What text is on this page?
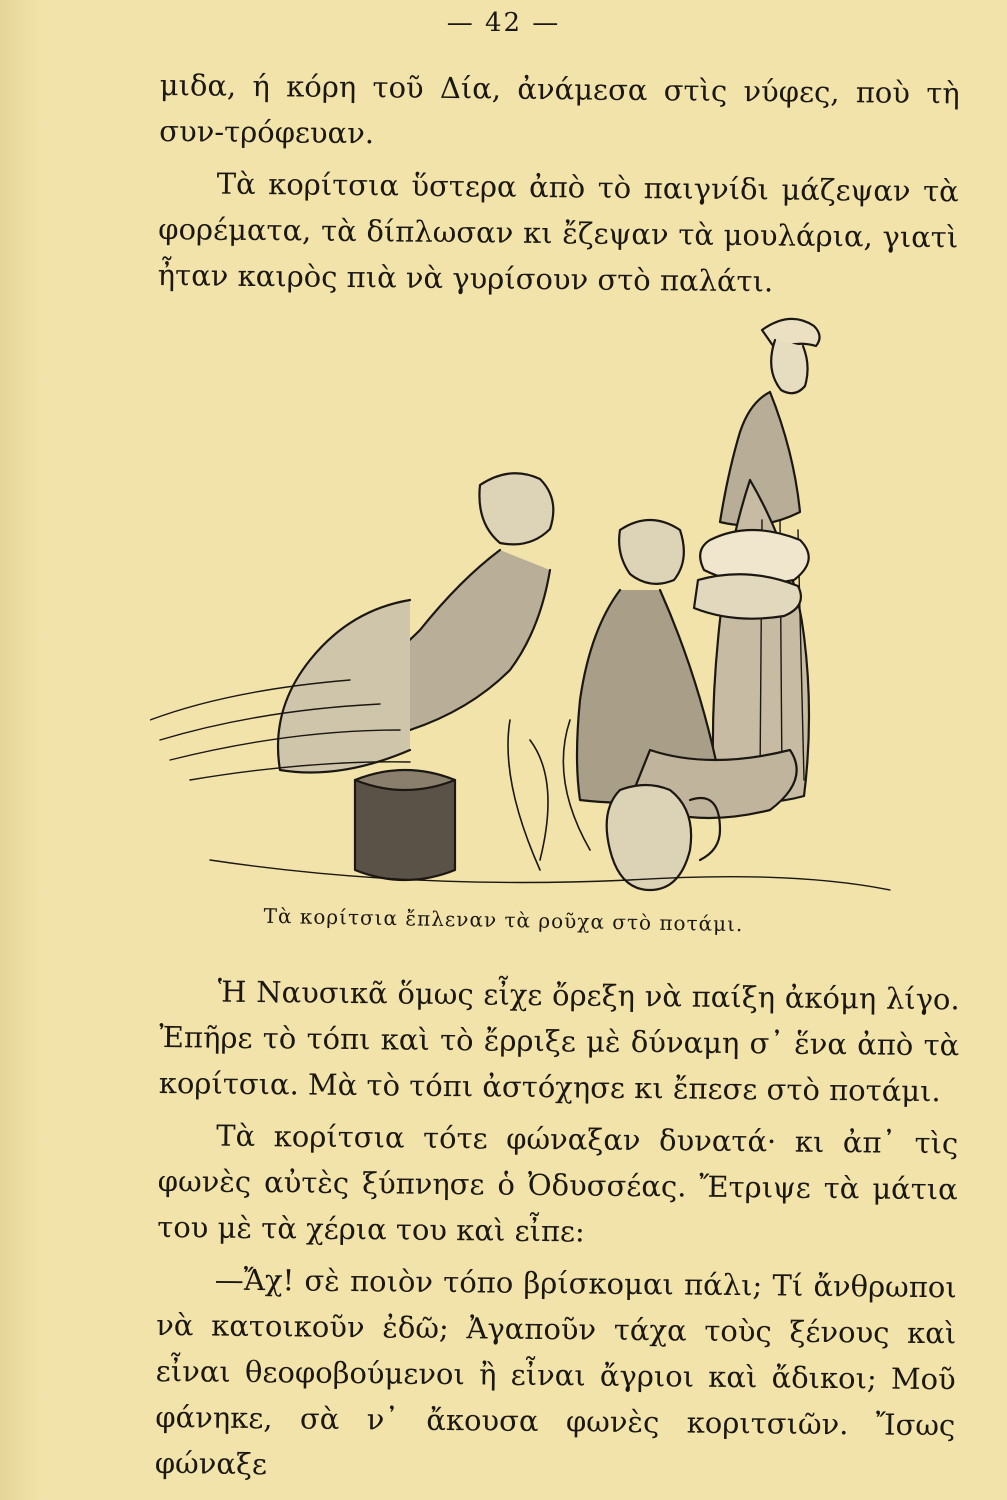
— 42 —

μιδα, ή κόρη τοῦ Δία, ἀνάμεσα στὶς νύφες, ποὺ τὴ συν-τρόφευαν.

Τὰ κορίτσια ὕστερα ἀπὸ τὸ παιγνίδι μάζεψαν τὰ φορέματα, τὰ δίπλωσαν κι ἔζεψαν τὰ μουλάρια, γιατὶ ἦταν καιρὸς πιὰ νὰ γυρίσουν στὸ παλάτι.

Τὰ κορίτσια ἔπλεναν τὰ ροῦχα στὸ ποτάμι.

Ἡ Ναυσικᾶ ὅμως εἶχε ὄρεξη νὰ παίξη ἀκόμη λίγο. Ἐπῆρε τὸ τόπι καὶ τὸ ἔρριξε μὲ δύναμη σ᾽ ἕνα ἀπὸ τὰ κορίτσια. Μὰ τὸ τόπι ἀστόχησε κι ἔπεσε στὸ ποτάμι.

Τὰ κορίτσια τότε φώναξαν δυνατά· κι ἀπ᾽ τὶς φωνὲς αὐτὲς ξύπνησε ὁ Ὀδυσσέας. Ἔτριψε τὰ μάτια του μὲ τὰ χέρια του καὶ εἶπε:

—Ἄχ! σὲ ποιὸν τόπο βρίσκομαι πάλι; Τί ἄνθρωποι νὰ κατοικοῦν ἐδῶ; Ἀγαποῦν τάχα τοὺς ξένους καὶ εἶναι θεοφοβούμενοι ἢ εἶναι ἄγριοι καὶ ἄδικοι; Μοῦ φάνηκε, σὰ ν᾽ ἄκουσα φωνὲς κοριτσιῶν. Ἴσως φώναξε
